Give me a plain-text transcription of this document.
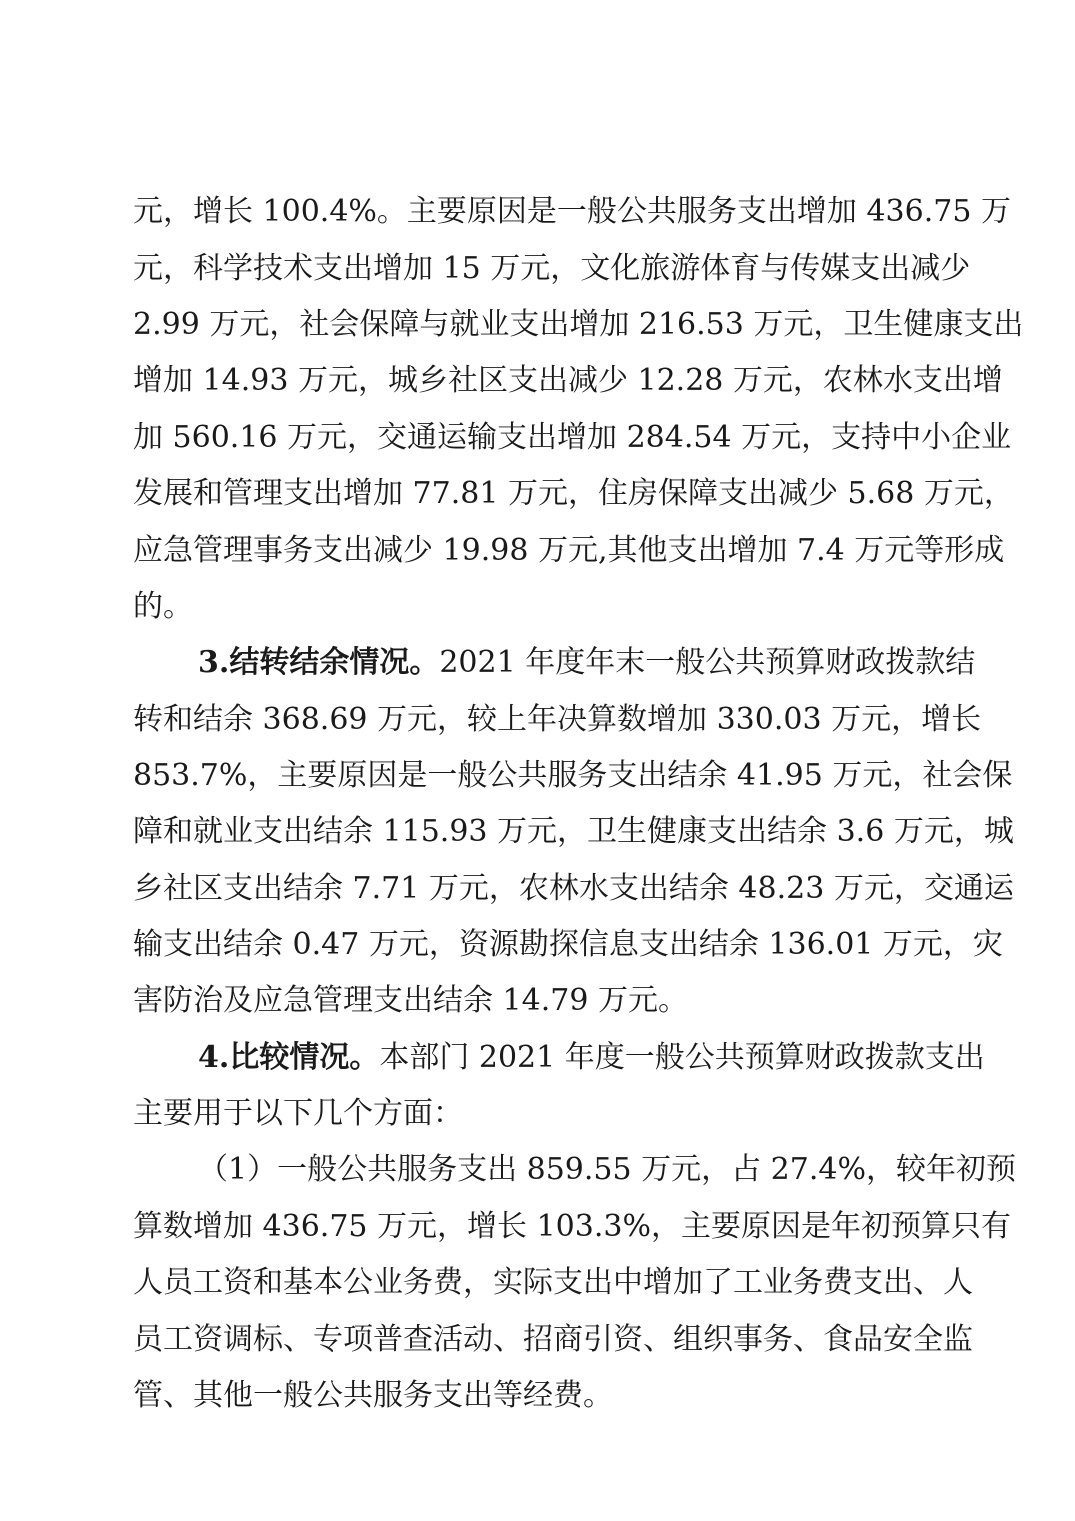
元，增长 100.4%。主要原因是一般公共服务支出增加 436.75 万
元，科学技术支出增加 15 万元，文化旅游体育与传媒支出减少
2.99 万元，社会保障与就业支出增加 216.53 万元，卫生健康支出
增加 14.93 万元，城乡社区支出减少 12.28 万元，农林水支出增
加 560.16 万元，交通运输支出增加 284.54 万元，支持中小企业
发展和管理支出增加 77.81 万元，住房保障支出减少 5.68 万元，
应急管理事务支出减少 19.98 万元,其他支出增加 7.4 万元等形成
的。
3.结转结余情况。2021 年度年末一般公共预算财政拨款结
转和结余 368.69 万元，较上年决算数增加 330.03 万元，增长
853.7%，主要原因是一般公共服务支出结余 41.95 万元，社会保
障和就业支出结余 115.93 万元，卫生健康支出结余 3.6 万元，城
乡社区支出结余 7.71 万元，农林水支出结余 48.23 万元，交通运
输支出结余 0.47 万元，资源勘探信息支出结余 136.01 万元，灾
害防治及应急管理支出结余 14.79 万元。
4.比较情况。本部门 2021 年度一般公共预算财政拨款支出
主要用于以下几个方面：
（1）一般公共服务支出 859.55 万元，占 27.4%，较年初预
算数增加 436.75 万元，增长 103.3%，主要原因是年初预算只有
人员工资和基本公业务费，实际支出中增加了工业务费支出、人
员工资调标、专项普查活动、招商引资、组织事务、食品安全监
管、其他一般公共服务支出等经费。
